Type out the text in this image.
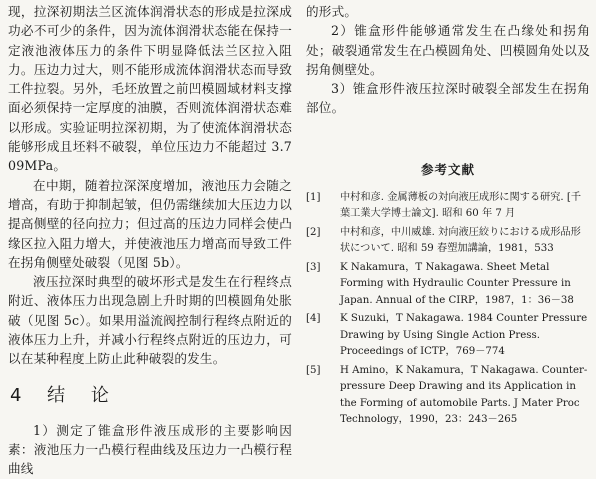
现，拉深初期法兰区流体润滑状态的形成是拉深成功必不可少的条件，因为流体润滑状态能在保持一定液池液体压力的条件下明显降低法兰区拉入阻力。压边力过大，则不能形成流体润滑状态而导致工件拉裂。另外，毛坯放置之前凹模圆域材料支撑面必须保持一定厚度的油膜，否则流体润滑状态难以形成。实验证明拉深初期，为了使流体润滑状态能够形成且坯料不破裂，单位压边力不能超过 3.709MPa。

在中期，随着拉深深度增加，液池压力会随之增高，有助于抑制起皱，但仍需继续加大压边力以提高侧壁的径向拉力；但过高的压边力同样会使凸缘区拉入阻力增大，并使液池压力增高而导致工件在拐角侧壁处破裂（见图 5b）。

液压拉深时典型的破坏形式是发生在行程终点附近、液体压力出现急剧上升时期的凹模圆角处胀破（见图 5c）。如果用溢流阀控制行程终点附近的液体压力上升，并减小行程终点附近的压边力，可以在某种程度上防止此种破裂的发生。

4 结 论

1）测定了锥盒形件液压成形的主要影响因素：液池压力一凸模行程曲线及压边力一凸模行程曲线

的形式。

2）锥盒形件能够通常发生在凸缘处和拐角处；破裂通常发生在凸模圆角处、凹模圆角处以及拐角侧壁处。

3）锥盒形件液压拉深时破裂全部发生在拐角部位。

参考文献
[1]	中村和彦. 金属薄板の対向液圧成形に関する研究. [千葉工業大学博士論文]. 昭和 60 年 7 月
[2]	中村和彦，中川威雄. 対向液圧絞りにおける成形品形状について. 昭和 59 春塑加講論，1981，533
[3]	K Nakamura，T Nakagawa. Sheet Metal Forming with Hydraulic Counter Pressure in Japan. Annual of the CIRP，1987，1：36－38
[4]	K Suzuki，T Nakagawa. 1984 Counter Pressure Drawing by Using Single Action Press. Proceedings of ICTP，769－774
[5]	H Amino，K Nakamura，T Nakagawa. Counter-pressure Deep Drawing and its Application in the Forming of automobile Parts. J Mater Proc Technology，1990，23：243－265
